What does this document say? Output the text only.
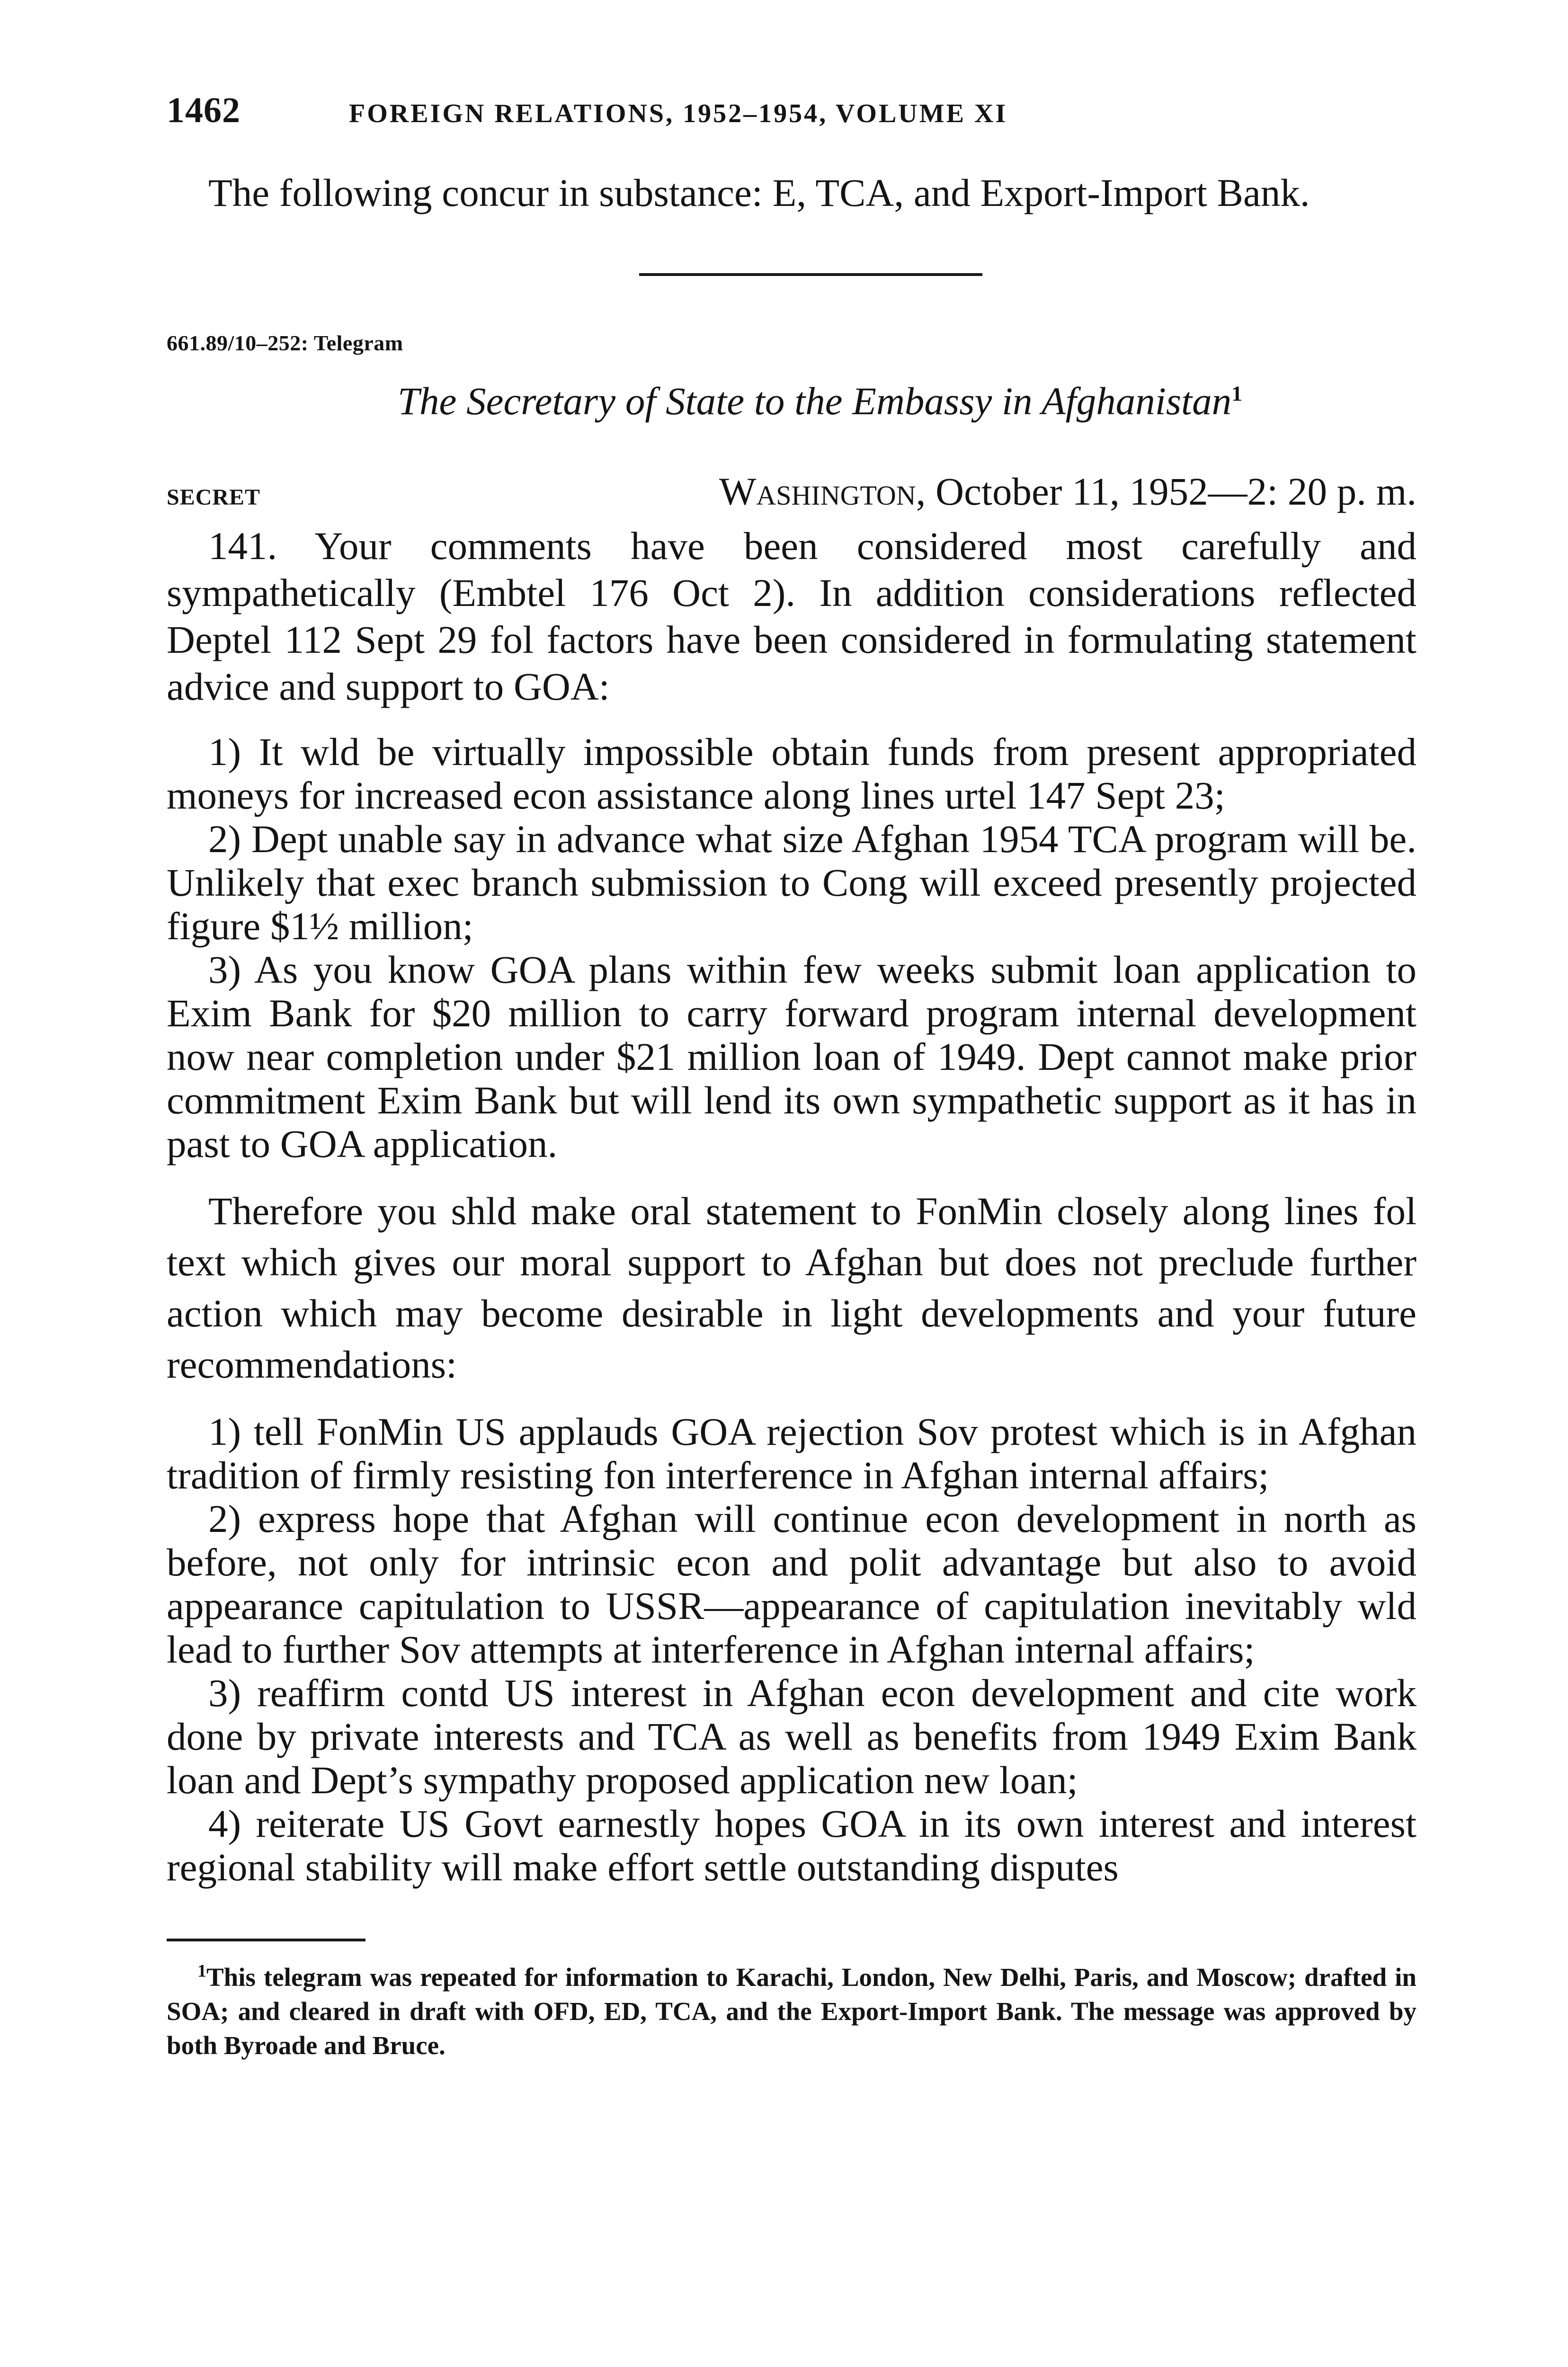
1462	FOREIGN RELATIONS, 1952–1954, VOLUME XI

The following concur in substance: E, TCA, and Export-Import Bank.

661.89/10–252: Telegram
The Secretary of State to the Embassy in Afghanistan$^1$
SECRET	Washington, October 11, 1952—2: 20 p. m.

141. Your comments have been considered most carefully and sympathetically (Embtel 176 Oct 2). In addition considerations reflected Deptel 112 Sept 29 fol factors have been considered in formulating statement advice and support to GOA:

1) It wld be virtually impossible obtain funds from present appropriated moneys for increased econ assistance along lines urtel 147 Sept 23;

2) Dept unable say in advance what size Afghan 1954 TCA program will be. Unlikely that exec branch submission to Cong will exceed presently projected figure $1½ million;

3) As you know GOA plans within few weeks submit loan application to Exim Bank for $20 million to carry forward program internal development now near completion under $21 million loan of 1949. Dept cannot make prior commitment Exim Bank but will lend its own sympathetic support as it has in past to GOA application.

Therefore you shld make oral statement to FonMin closely along lines fol text which gives our moral support to Afghan but does not preclude further action which may become desirable in light developments and your future recommendations:

1) tell FonMin US applauds GOA rejection Sov protest which is in Afghan tradition of firmly resisting fon interference in Afghan internal affairs;

2) express hope that Afghan will continue econ development in north as before, not only for intrinsic econ and polit advantage but also to avoid appearance capitulation to USSR—appearance of capitulation inevitably wld lead to further Sov attempts at interference in Afghan internal affairs;

3) reaffirm contd US interest in Afghan econ development and cite work done by private interests and TCA as well as benefits from 1949 Exim Bank loan and Dept’s sympathy proposed application new loan;

4) reiterate US Govt earnestly hopes GOA in its own interest and interest regional stability will make effort settle outstanding disputes

$^1$This telegram was repeated for information to Karachi, London, New Delhi, Paris, and Moscow; drafted in SOA; and cleared in draft with OFD, ED, TCA, and the Export-Import Bank. The message was approved by both Byroade and Bruce.
